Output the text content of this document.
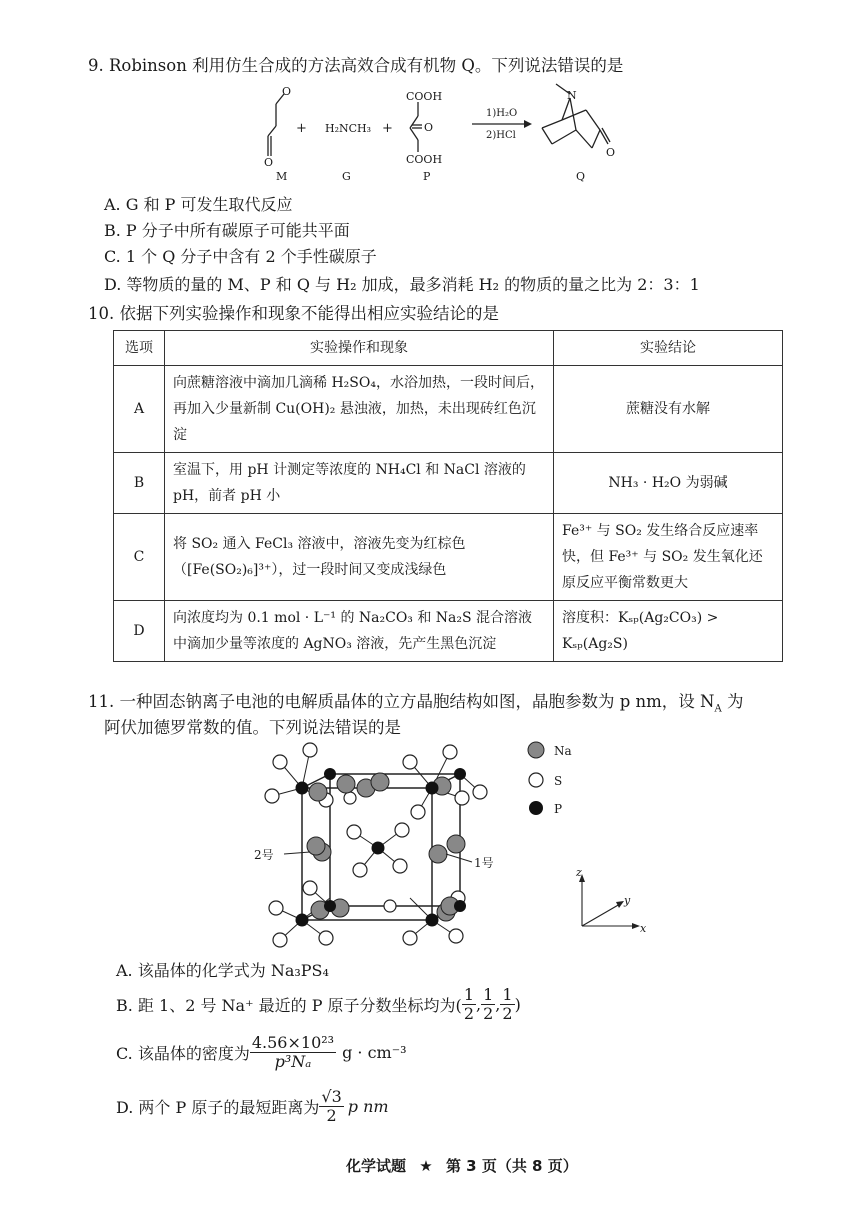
9. Robinson 利用仿生合成的方法高效合成有机物 Q。下列说法错误的是
O
O
+ H₂NCH₃ +
COOH
O
COOH
1)H₂O
2)HCl
N
O
M	G	P	Q
A. G 和 P 可发生取代反应
B. P 分子中所有碳原子可能共平面
C. 1 个 Q 分子中含有 2 个手性碳原子
D. 等物质的量的 M、P 和 Q 与 H₂ 加成，最多消耗 H₂ 的物质的量之比为 2：3：1
10. 依据下列实验操作和现象不能得出相应实验结论的是
选项	实验操作和现象	实验结论
A	向蔗糖溶液中滴加几滴稀 H₂SO₄，水浴加热，一段时间后，再加入少量新制 Cu(OH)₂ 悬浊液，加热，未出现砖红色沉淀	蔗糖没有水解
B	室温下，用 pH 计测定等浓度的 NH₄Cl 和 NaCl 溶液的 pH，前者 pH 小	NH₃ · H₂O 为弱碱
C	将 SO₂ 通入 FeCl₃ 溶液中，溶液先变为红棕色（[Fe(SO₂)₆]³⁺），过一段时间又变成浅绿色	Fe³⁺ 与 SO₂ 发生络合反应速率快，但 Fe³⁺ 与 SO₂ 发生氧化还原反应平衡常数更大
D	向浓度均为 0.1 mol · L⁻¹ 的 Na₂CO₃ 和 Na₂S 混合溶液中滴加少量等浓度的 AgNO₃ 溶液，先产生黑色沉淀	溶度积：Kₛₚ(Ag₂CO₃) > Kₛₚ(Ag₂S)
11. 一种固态钠离子电池的电解质晶体的立方晶胞结构如图，晶胞参数为 p nm，设 $N_A$ 为
阿伏加德罗常数的值。下列说法错误的是
2号
1号
Na
S
P
z
x
y
A. 该晶体的化学式为 Na₃PS₄
B. 距 1、2 号 Na⁺ 最近的 P 原子分数坐标均为( $\frac{1}{2}$ , $\frac{1}{2}$ , $\frac{1}{2}$ )
C. 该晶体的密度为 $\frac{\text{4.56×10²³}}{\text{p³Nₐ}}$ g · cm⁻³
D. 两个 P 原子的最短距离为 $\frac{√3}{2}$ p nm
化学试题 ★ 第 3 页（共 8 页）
